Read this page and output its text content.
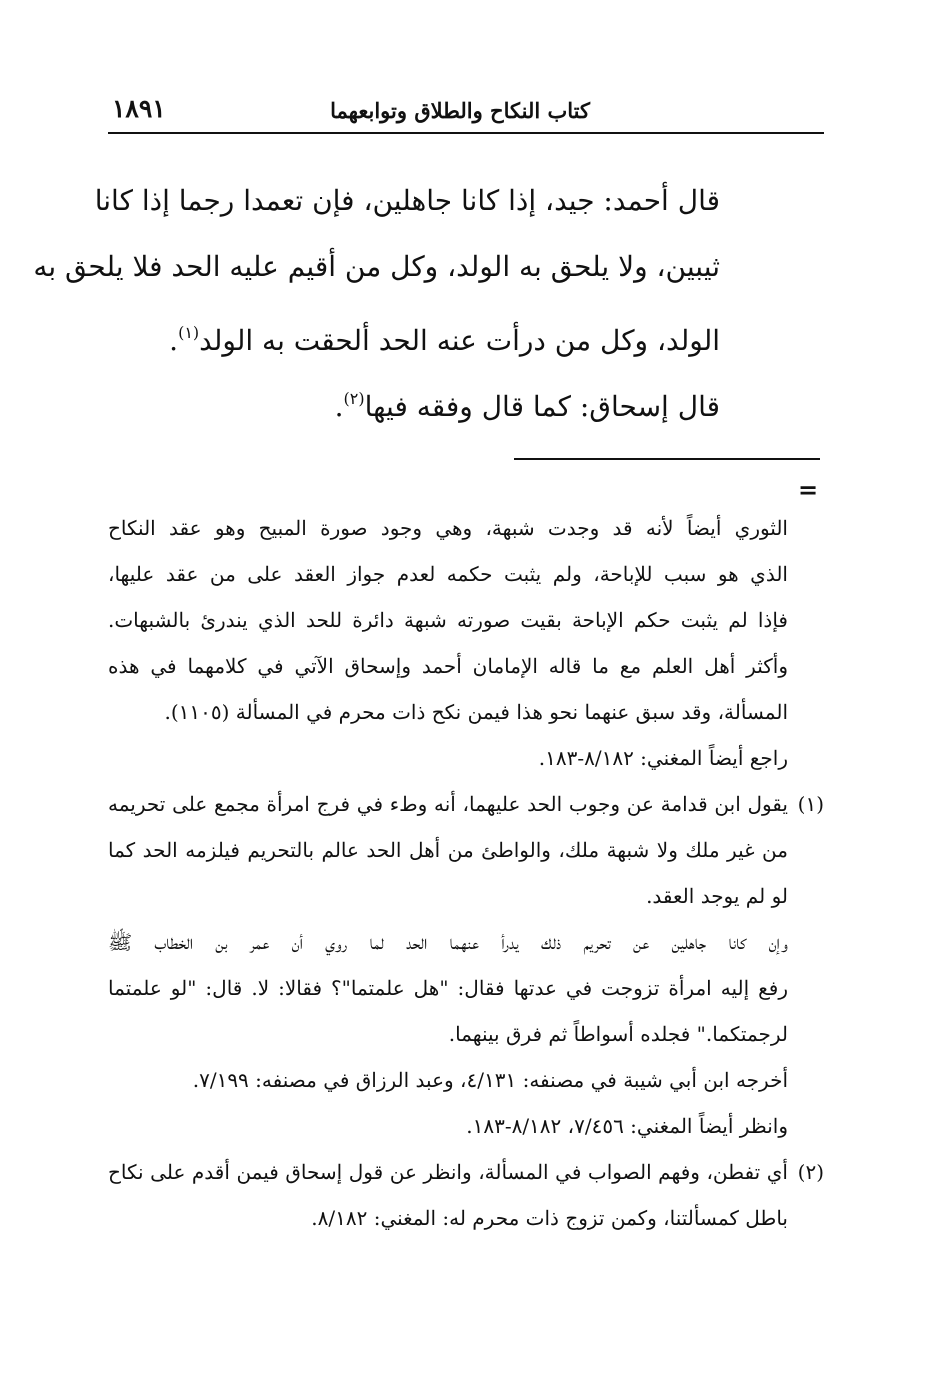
كتاب النكاح والطلاق وتوابعهما
١٨٩١
قال أحمد: جيد، إذا كانا جاهلين، فإن تعمدا رجما إذا كانا
ثيبين، ولا يلحق به الولد، وكل من أقيم عليه الحد فلا يلحق به
الولد، وكل من درأت عنه الحد ألحقت به الولد$^{(١)}$.
قال إسحاق: كما قال وفقه فيها$^{(٢)}$.
=
الثوري أيضاً لأنه قد وجدت شبهة، وهي وجود صورة المبيح وهو عقد النكاح
الذي هو سبب للإباحة، ولم يثبت حكمه لعدم جواز العقد على من عقد عليها،
فإذا لم يثبت حكم الإباحة بقيت صورته شبهة دائرة للحد الذي يندرئ بالشبهات.
وأكثر أهل العلم مع ما قاله الإمامان أحمد وإسحاق الآتي في كلامهما في هذه
المسألة، وقد سبق عنهما نحو هذا فيمن نكح ذات محرم في المسألة (١١٠٥).
راجع أيضاً المغني: ٨/١٨٢-١٨٣.
(١)يقول ابن قدامة عن وجوب الحد عليهما، أنه وطء في فرج امرأة مجمع على تحريمه
من غير ملك ولا شبهة ملك، والواطئ من أهل الحد عالم بالتحريم فيلزمه الحد كما
لو لم يوجد العقد.
وإن كانا جاهلين عن تحريم ذلك يدرأ عنهما الحد لما روي أن عمر بن الخطاب ﷺ
رفع إليه امرأة تزوجت في عدتها فقال: "هل علمتما"؟ فقالا: لا. قال: "لو علمتما
لرجمتكما." فجلده أسواطاً ثم فرق بينهما.
أخرجه ابن أبي شيبة في مصنفه: ٤/١٣١، وعبد الرزاق في مصنفه: ٧/١٩٩.
وانظر أيضاً المغني: ٧/٤٥٦، ٨/١٨٢-١٨٣.
(٢)أي تفطن، وفهم الصواب في المسألة، وانظر عن قول إسحاق فيمن أقدم على نكاح
باطل كمسألتنا، وكمن تزوج ذات محرم له: المغني: ٨/١٨٢.
